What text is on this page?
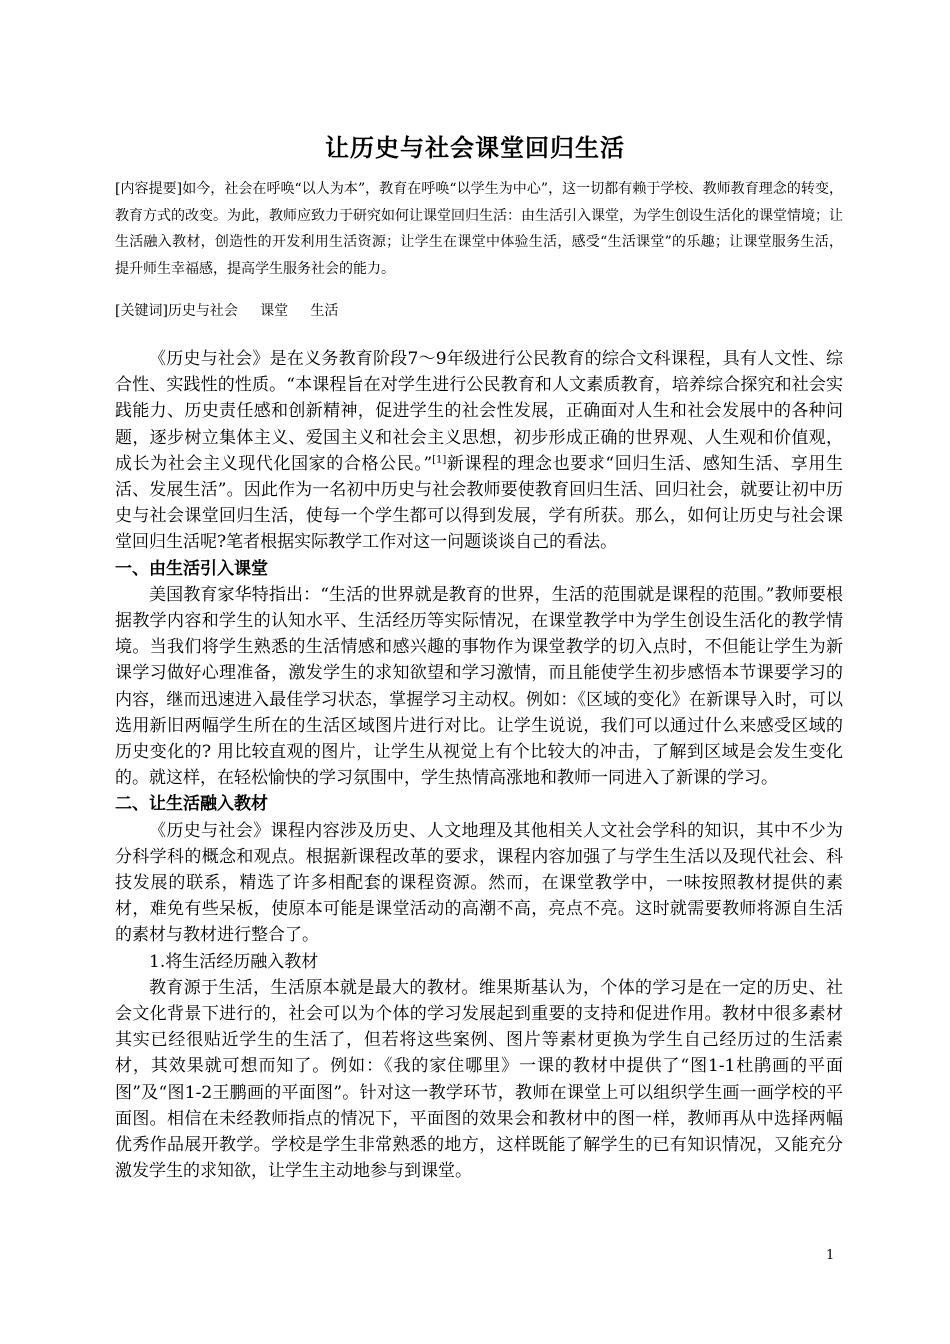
让历史与社会课堂回归生活

[内容提要]如今，社会在呼唤“以人为本”，教育在呼唤“以学生为中心”，这一切都有赖于学校、教师教育理念的转变，教育方式的改变。为此，教师应致力于研究如何让课堂回归生活：由生活引入课堂，为学生创设生活化的课堂情境；让生活融入教材，创造性的开发利用生活资源；让学生在课堂中体验生活，感受“生活课堂”的乐趣；让课堂服务生活，提升师生幸福感，提高学生服务社会的能力。

[关键词]历史与社会     课堂     生活

《历史与社会》是在义务教育阶段7～9年级进行公民教育的综合文科课程，具有人文性、综合性、实践性的性质。“本课程旨在对学生进行公民教育和人文素质教育，培养综合探究和社会实践能力、历史责任感和创新精神，促进学生的社会性发展，正确面对人生和社会发展中的各种问题，逐步树立集体主义、爱国主义和社会主义思想，初步形成正确的世界观、人生观和价值观，成长为社会主义现代化国家的合格公民。”[1]新课程的理念也要求“回归生活、感知生活、享用生活、发展生活”。因此作为一名初中历史与社会教师要使教育回归生活、回归社会，就要让初中历史与社会课堂回归生活，使每一个学生都可以得到发展，学有所获。那么，如何让历史与社会课堂回归生活呢?笔者根据实际教学工作对这一问题谈谈自己的看法。

一、由生活引入课堂

美国教育家华特指出：“生活的世界就是教育的世界，生活的范围就是课程的范围。”教师要根据教学内容和学生的认知水平、生活经历等实际情况，在课堂教学中为学生创设生活化的教学情境。当我们将学生熟悉的生活情感和感兴趣的事物作为课堂教学的切入点时，不但能让学生为新课学习做好心理准备，激发学生的求知欲望和学习激情，而且能使学生初步感悟本节课要学习的内容，继而迅速进入最佳学习状态，掌握学习主动权。例如：《区域的变化》在新课导入时，可以选用新旧两幅学生所在的生活区域图片进行对比。让学生说说，我们可以通过什么来感受区域的历史变化的? 用比较直观的图片，让学生从视觉上有个比较大的冲击，了解到区域是会发生变化的。就这样，在轻松愉快的学习氛围中，学生热情高涨地和教师一同进入了新课的学习。

二、让生活融入教材

《历史与社会》课程内容涉及历史、人文地理及其他相关人文社会学科的知识，其中不少为分科学科的概念和观点。根据新课程改革的要求，课程内容加强了与学生生活以及现代社会、科技发展的联系，精选了许多相配套的课程资源。然而，在课堂教学中，一味按照教材提供的素材，难免有些呆板，使原本可能是课堂活动的高潮不高，亮点不亮。这时就需要教师将源自生活的素材与教材进行整合了。

1.将生活经历融入教材

教育源于生活，生活原本就是最大的教材。维果斯基认为，个体的学习是在一定的历史、社会文化背景下进行的，社会可以为个体的学习发展起到重要的支持和促进作用。教材中很多素材其实已经很贴近学生的生活了，但若将这些案例、图片等素材更换为学生自己经历过的生活素材，其效果就可想而知了。例如：《我的家住哪里》一课的教材中提供了“图1-1杜鹃画的平面图”及“图1-2王鹏画的平面图”。针对这一教学环节，教师在课堂上可以组织学生画一画学校的平面图。相信在未经教师指点的情况下，平面图的效果会和教材中的图一样，教师再从中选择两幅优秀作品展开教学。学校是学生非常熟悉的地方，这样既能了解学生的已有知识情况，又能充分激发学生的求知欲，让学生主动地参与到课堂。

1
